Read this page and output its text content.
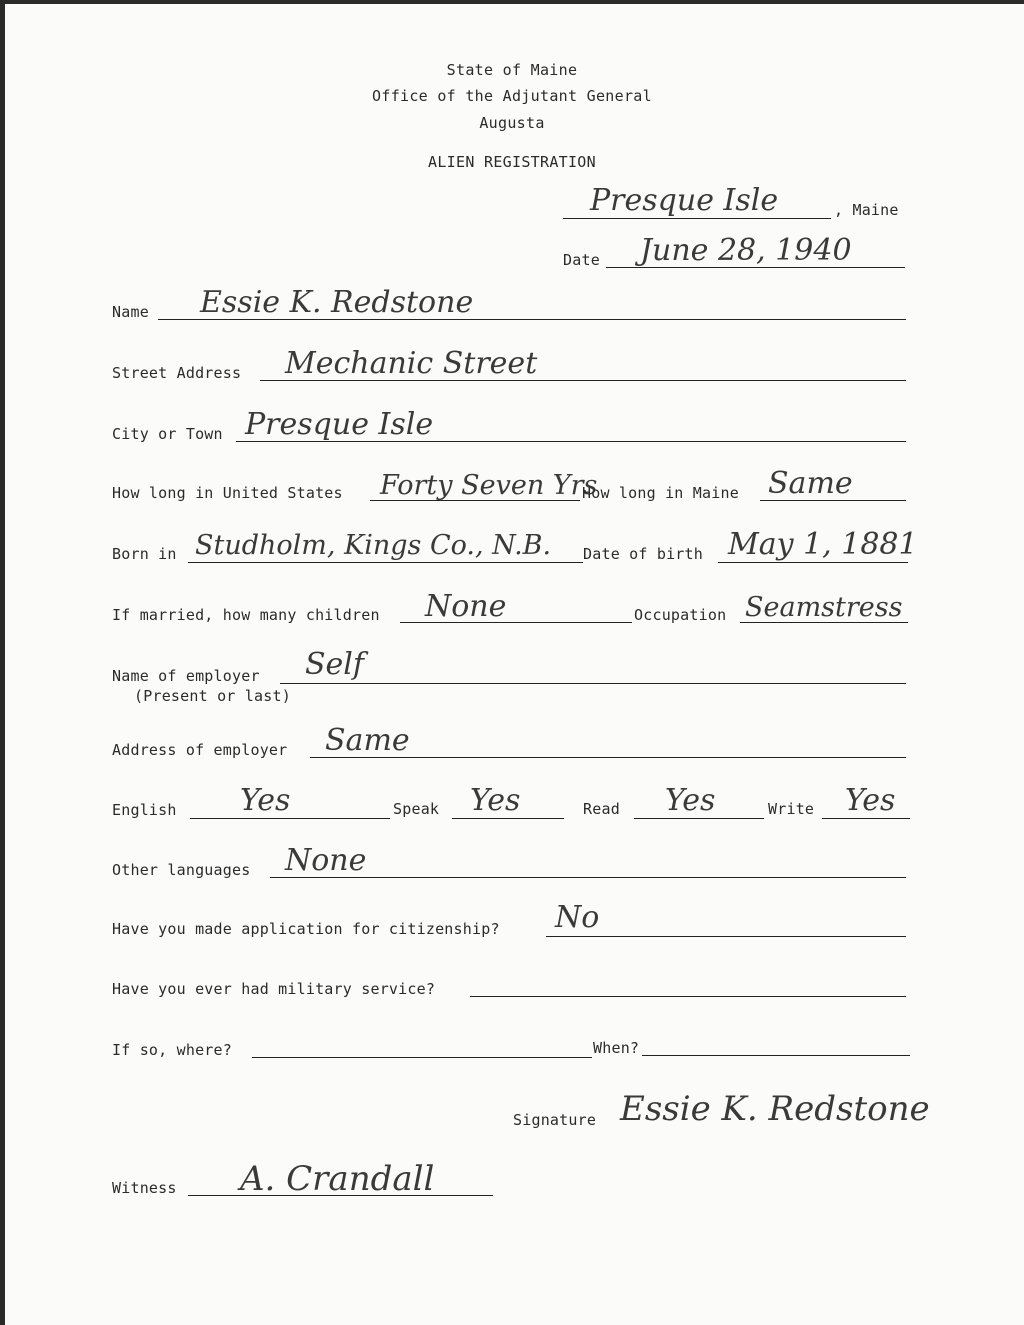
State of Maine
Office of the Adjutant General
Augusta
ALIEN REGISTRATION
Presque Isle	, Maine
Date June 28, 1940
Name Essie K. Redstone
Street Address Mechanic Street
City or Town Presque Isle
How long in United States Forty Seven Yrs
How long in Maine Same
Born in Studholm, Kings Co., N.B. Date of birth May 1, 1881
If married, how many children None	Occupation Seamstress
Name of employer
(Present or last)
Self
Address of employer Same
English Yes	Speak Yes	Read Yes	Write Yes
Other languages None
Have you made application for citizenship? No
Have you ever had military service?
If so, where?	When?
Signature Essie K. Redstone
Witness A. Crandall
